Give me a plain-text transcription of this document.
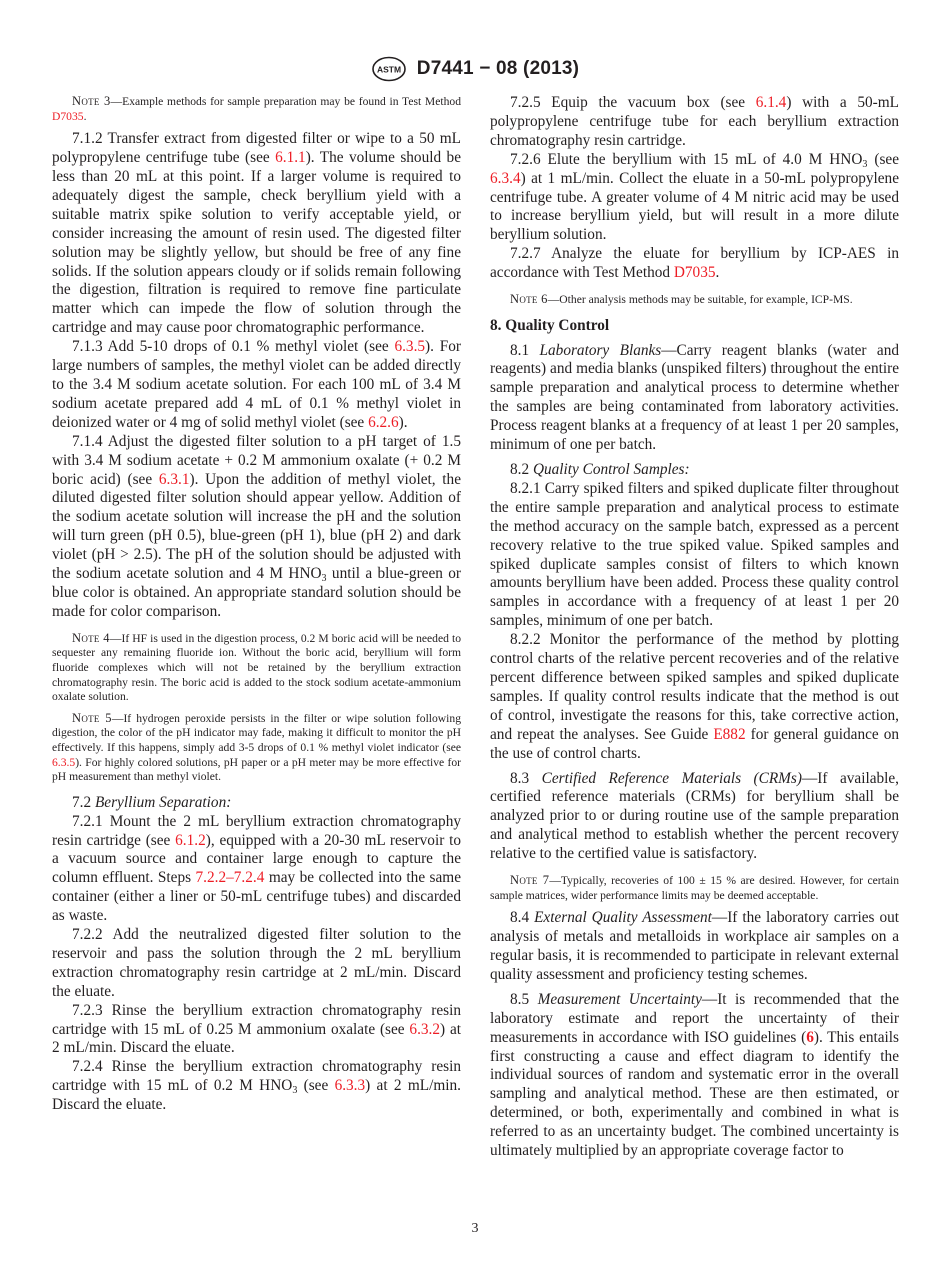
ASTM D7441 − 08 (2013)

Note 3—Example methods for sample preparation may be found in Test Method D7035.

7.1.2 Transfer extract from digested filter or wipe to a 50 mL polypropylene centrifuge tube (see 6.1.1). The volume should be less than 20 mL at this point. If a larger volume is required to adequately digest the sample, check beryllium yield with a suitable matrix spike solution to verify acceptable yield, or consider increasing the amount of resin used. The digested filter solution may be slightly yellow, but should be free of any fine solids. If the solution appears cloudy or if solids remain following the digestion, filtration is required to remove fine particulate matter which can impede the flow of solution through the cartridge and may cause poor chromatographic performance.

7.1.3 Add 5-10 drops of 0.1 % methyl violet (see 6.3.5). For large numbers of samples, the methyl violet can be added directly to the 3.4 M sodium acetate solution. For each 100 mL of 3.4 M sodium acetate prepared add 4 mL of 0.1 % methyl violet in deionized water or 4 mg of solid methyl violet (see 6.2.6).

7.1.4 Adjust the digested filter solution to a pH target of 1.5 with 3.4 M sodium acetate + 0.2 M ammonium oxalate (+ 0.2 M boric acid) (see 6.3.1). Upon the addition of methyl violet, the diluted digested filter solution should appear yellow. Addition of the sodium acetate solution will increase the pH and the solution will turn green (pH 0.5), blue-green (pH 1), blue (pH 2) and dark violet (pH > 2.5). The pH of the solution should be adjusted with the sodium acetate solution and 4 M $HNO_3$ until a blue-green or blue color is obtained. An appropriate standard solution should be made for color comparison.

Note 4—If HF is used in the digestion process, 0.2 M boric acid will be needed to sequester any remaining fluoride ion. Without the boric acid, beryllium will form fluoride complexes which will not be retained by the beryllium extraction chromatography resin. The boric acid is added to the stock sodium acetate-ammonium oxalate solution.

Note 5—If hydrogen peroxide persists in the filter or wipe solution following digestion, the color of the pH indicator may fade, making it difficult to monitor the pH effectively. If this happens, simply add 3-5 drops of 0.1 % methyl violet indicator (see 6.3.5). For highly colored solutions, pH paper or a pH meter may be more effective for pH measurement than methyl violet.

7.2 Beryllium Separation:

7.2.1 Mount the 2 mL beryllium extraction chromatography resin cartridge (see 6.1.2), equipped with a 20-30 mL reservoir to a vacuum source and container large enough to capture the column effluent. Steps 7.2.2–7.2.4 may be collected into the same container (either a liner or 50-mL centrifuge tubes) and discarded as waste.

7.2.2 Add the neutralized digested filter solution to the reservoir and pass the solution through the 2 mL beryllium extraction chromatography resin cartridge at 2 mL/min. Discard the eluate.

7.2.3 Rinse the beryllium extraction chromatography resin cartridge with 15 mL of 0.25 M ammonium oxalate (see 6.3.2) at 2 mL/min. Discard the eluate.

7.2.4 Rinse the beryllium extraction chromatography resin cartridge with 15 mL of 0.2 M $HNO_3$ (see 6.3.3) at 2 mL/min. Discard the eluate.

7.2.5 Equip the vacuum box (see 6.1.4) with a 50-mL polypropylene centrifuge tube for each beryllium extraction chromatography resin cartridge.

7.2.6 Elute the beryllium with 15 mL of 4.0 M $HNO_3$ (see 6.3.4) at 1 mL/min. Collect the eluate in a 50-mL polypropylene centrifuge tube. A greater volume of 4 M nitric acid may be used to increase beryllium yield, but will result in a more dilute beryllium solution.

7.2.7 Analyze the eluate for beryllium by ICP-AES in accordance with Test Method D7035.

Note 6—Other analysis methods may be suitable, for example, ICP-MS.

8. Quality Control

8.1 Laboratory Blanks—Carry reagent blanks (water and reagents) and media blanks (unspiked filters) throughout the entire sample preparation and analytical process to determine whether the samples are being contaminated from laboratory activities. Process reagent blanks at a frequency of at least 1 per 20 samples, minimum of one per batch.

8.2 Quality Control Samples:

8.2.1 Carry spiked filters and spiked duplicate filter throughout the entire sample preparation and analytical process to estimate the method accuracy on the sample batch, expressed as a percent recovery relative to the true spiked value. Spiked samples and spiked duplicate samples consist of filters to which known amounts beryllium have been added. Process these quality control samples in accordance with a frequency of at least 1 per 20 samples, minimum of one per batch.

8.2.2 Monitor the performance of the method by plotting control charts of the relative percent recoveries and of the relative percent difference between spiked samples and spiked duplicate samples. If quality control results indicate that the method is out of control, investigate the reasons for this, take corrective action, and repeat the analyses. See Guide E882 for general guidance on the use of control charts.

8.3 Certified Reference Materials (CRMs)—If available, certified reference materials (CRMs) for beryllium shall be analyzed prior to or during routine use of the sample preparation and analytical method to establish whether the percent recovery relative to the certified value is satisfactory.

Note 7—Typically, recoveries of 100 ± 15 % are desired. However, for certain sample matrices, wider performance limits may be deemed acceptable.

8.4 External Quality Assessment—If the laboratory carries out analysis of metals and metalloids in workplace air samples on a regular basis, it is recommended to participate in relevant external quality assessment and proficiency testing schemes.

8.5 Measurement Uncertainty—It is recommended that the laboratory estimate and report the uncertainty of their measurements in accordance with ISO guidelines (6). This entails first constructing a cause and effect diagram to identify the individual sources of random and systematic error in the overall sampling and analytical method. These are then estimated, or determined, or both, experimentally and combined in what is referred to as an uncertainty budget. The combined uncertainty is ultimately multiplied by an appropriate coverage factor to

3
